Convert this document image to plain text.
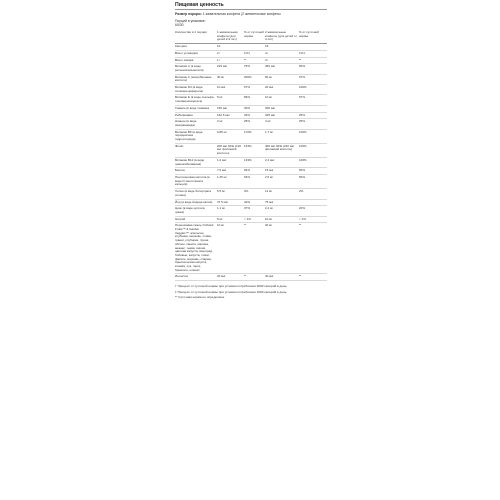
Пищевая ценность
Размер порции: 1 жевательная конфета (2 жевательные конфеты
Порций в упаковке:
60/30
Количество в 1 порции	1 жевательная конфета (для детей 2-3 лет)	% от суточной нормы	2 жевательные конфеты (для детей от 4 лет)	% от суточной нормы
Калории	10		15	
Всего углеводов	2 г	1%‡	4 г	1%‡
Всего сахара	1 г	**	3 г	**
Витамин А (в виде ретинилпальмитата)	223 мкг	75%	450 мкг	50%
Витамин С (аскорбиновая кислота)	30 мг	200%	60 мг	67%
Витамин D3 (в виде холекальциферола)	10 мкг	67%	20 мкг	100%
Витамин Е (в виде d-альфа токоферилацетата)	5 мг	83%	10 мг	67%
Тиамин (в виде тиамина	150 мкг	30%	300 мкг	
Рибофлавин	162,5 мкг	33%	325 мкг	25%
Ниацин (в виде ниацинамида)	2 мг	25%	4 мг	25%
Витамин B6 (в виде пиридоксина гидрохлорида)	0,85 мг	170%	1,7 мг	100%
Фолат	200 мкг DFE (120 мкг фолиевой кислоты)	133%	400 мкг DFE (240 мкг фолиевой кислоты)	100%
Витамин B12 (в виде цианокобаламина)	1,2 мкг	133%	2,4 мкг	100%
Биотин	7,5 мкг	94%	15 мкг	50%
Пантотеновая кислота (в виде D-пантотената кальция)	1,25 мг	63%	2,5 мг	50%
Холин (в виде битартрата холина)	5,5 мг	3%	11 мг	2%
Йод (в виде йодида калия)	37,5 мкг	42%	75 мкг	
Цинк (в виде цитрата цинка)	1,1 мг	37%	2,2 мг	20%
Натрий	5 мг	< 1%	10 мг	< 1%
Порошковая смесь Orchard Fruits™ & Garden Veggies™: апельсин, клубника, морковь, слива, гранат, клубника, груша, яблоко, свекла, малина, ананас, тыква, вишня, цветная капуста, виноград, бобовые, капуста, томат, фасоль, морковь, спаржа, брюссельская капуста, клюква, лук, горох, брокколи, шпинат	10 мг	**	20 мг	**
Инозитол	20 мкг	**	40 мкг	**
† Процент от суточной нормы при условии потребления 2000 калорий в день.
‡ Процент от суточной нормы при условии потребления 1000 калорий в день.
** Суточная норма не определена.
